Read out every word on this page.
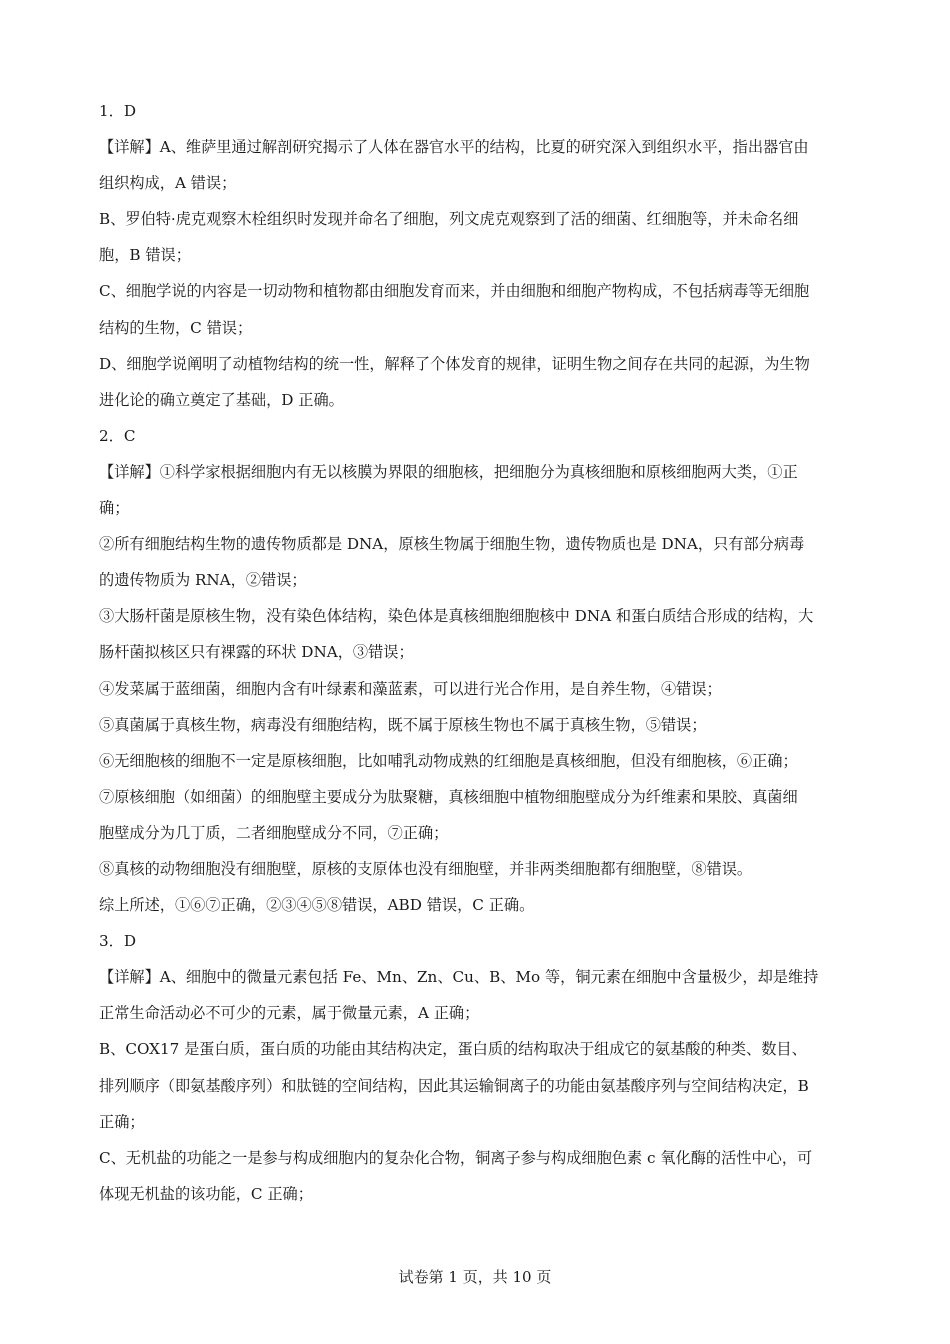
1．D
【详解】A、维萨里通过解剖研究揭示了人体在器官水平的结构，比夏的研究深入到组织水平，指出器官由
组织构成，A 错误；
B、罗伯特·虎克观察木栓组织时发现并命名了细胞，列文虎克观察到了活的细菌、红细胞等，并未命名细
胞，B 错误；
C、细胞学说的内容是一切动物和植物都由细胞发育而来，并由细胞和细胞产物构成，不包括病毒等无细胞
结构的生物，C 错误；
D、细胞学说阐明了动植物结构的统一性，解释了个体发育的规律，证明生物之间存在共同的起源，为生物
进化论的确立奠定了基础，D 正确。
2．C
【详解】①科学家根据细胞内有无以核膜为界限的细胞核，把细胞分为真核细胞和原核细胞两大类，①正
确；
②所有细胞结构生物的遗传物质都是 DNA，原核生物属于细胞生物，遗传物质也是 DNA，只有部分病毒
的遗传物质为 RNA，②错误；
③大肠杆菌是原核生物，没有染色体结构，染色体是真核细胞细胞核中 DNA 和蛋白质结合形成的结构，大
肠杆菌拟核区只有裸露的环状 DNA，③错误；
④发菜属于蓝细菌，细胞内含有叶绿素和藻蓝素，可以进行光合作用，是自养生物，④错误；
⑤真菌属于真核生物，病毒没有细胞结构，既不属于原核生物也不属于真核生物，⑤错误；
⑥无细胞核的细胞不一定是原核细胞，比如哺乳动物成熟的红细胞是真核细胞，但没有细胞核，⑥正确；
⑦原核细胞（如细菌）的细胞壁主要成分为肽聚糖，真核细胞中植物细胞壁成分为纤维素和果胶、真菌细
胞壁成分为几丁质，二者细胞壁成分不同，⑦正确；
⑧真核的动物细胞没有细胞壁，原核的支原体也没有细胞壁，并非两类细胞都有细胞壁，⑧错误。
综上所述，①⑥⑦正确，②③④⑤⑧错误，ABD 错误，C 正确。
3．D
【详解】A、细胞中的微量元素包括 Fe、Mn、Zn、Cu、B、Mo 等，铜元素在细胞中含量极少，却是维持
正常生命活动必不可少的元素，属于微量元素，A 正确；
B、COX17 是蛋白质，蛋白质的功能由其结构决定，蛋白质的结构取决于组成它的氨基酸的种类、数目、
排列顺序（即氨基酸序列）和肽链的空间结构，因此其运输铜离子的功能由氨基酸序列与空间结构决定，B
正确；
C、无机盐的功能之一是参与构成细胞内的复杂化合物，铜离子参与构成细胞色素 c 氧化酶的活性中心，可
体现无机盐的该功能，C 正确；
试卷第 1 页，共 10 页
